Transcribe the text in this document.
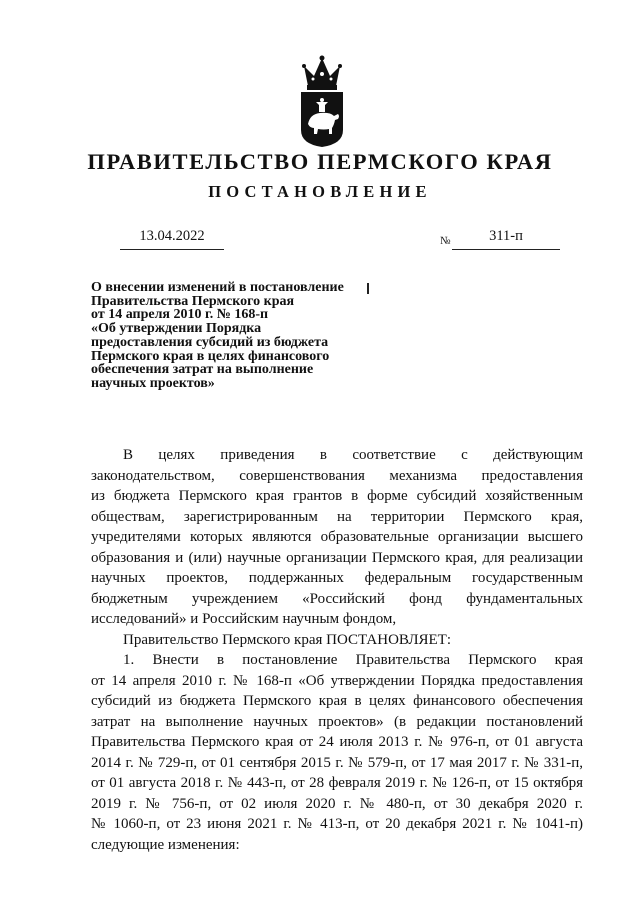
ПРАВИТЕЛЬСТВО ПЕРМСКОГО КРАЯ
ПОСТАНОВЛЕНИЕ
13.04.2022	№	311-п
О внесении изменений в постановление
Правительства Пермского края
от 14 апреля 2010 г. № 168-п
«Об утверждении Порядка
предоставления субсидий из бюджета
Пермского края в целях финансового
обеспечения затрат на выполнение
научных проектов»

В целях приведения в соответствие с действующим
законодательством, совершенствования механизма предоставления
из бюджета Пермского края грантов в форме субсидий хозяйственным
обществам, зарегистрированным на территории Пермского края,
учредителями которых являются образовательные организации высшего
образования и (или) научные организации Пермского края, для реализации
научных проектов, поддержанных федеральным государственным
бюджетным учреждением «Российский фонд фундаментальных
исследований» и Российским научным фондом,

Правительство Пермского края ПОСТАНОВЛЯЕТ:

1. Внести в постановление Правительства Пермского края
от 14 апреля 2010 г. № 168-п «Об утверждении Порядка предоставления
субсидий из бюджета Пермского края в целях финансового обеспечения
затрат на выполнение научных проектов» (в редакции постановлений
Правительства Пермского края от 24 июля 2013 г. № 976-п, от 01 августа
2014 г. № 729-п, от 01 сентября 2015 г. № 579-п, от 17 мая 2017 г. № 331-п,
от 01 августа 2018 г. № 443-п, от 28 февраля 2019 г. № 126-п, от 15 октября
2019 г. № 756-п, от 02 июля 2020 г. № 480-п, от 30 декабря 2020 г.
№ 1060-п, от 23 июня 2021 г. № 413-п, от 20 декабря 2021 г. № 1041-п)
следующие изменения:
